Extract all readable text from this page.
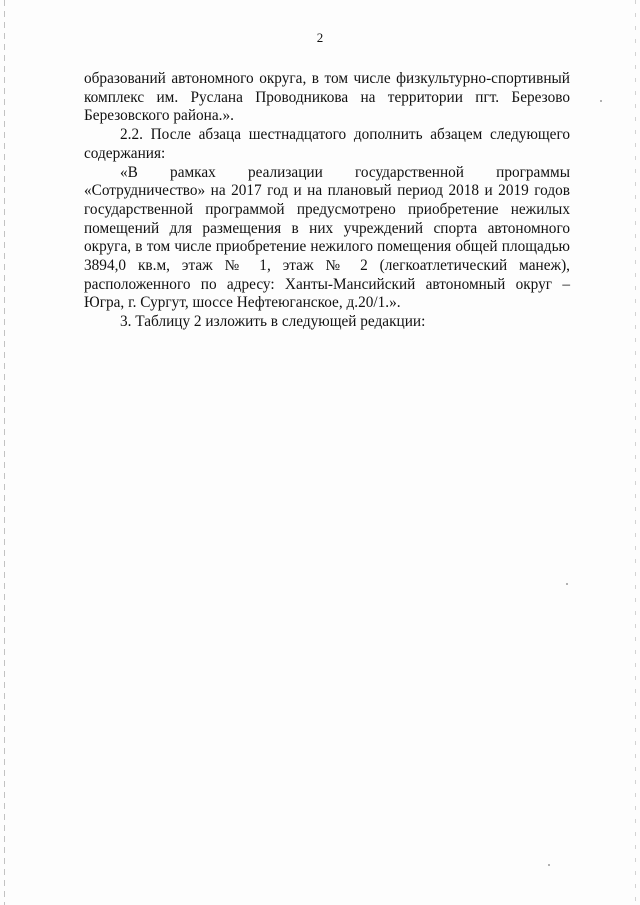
2

образований автономного округа, в том числе физкультурно-спортивный комплекс им. Руслана Проводникова на территории пгт. Березово Березовского района.».

2.2. После абзаца шестнадцатого дополнить абзацем следующего содержания:

«В рамках реализации государственной программы «Сотрудничество» на 2017 год и на плановый период 2018 и 2019 годов государственной программой предусмотрено приобретение нежилых помещений для размещения в них учреждений спорта автономного округа, в том числе приобретение нежилого помещения общей площадью 3894,0 кв.м, этаж № 1, этаж № 2 (легкоатлетический манеж), расположенного по адресу: Ханты-Мансийский автономный округ – Югра, г. Сургут, шоссе Нефтеюганское, д.20/1.».

3. Таблицу 2 изложить в следующей редакции:
